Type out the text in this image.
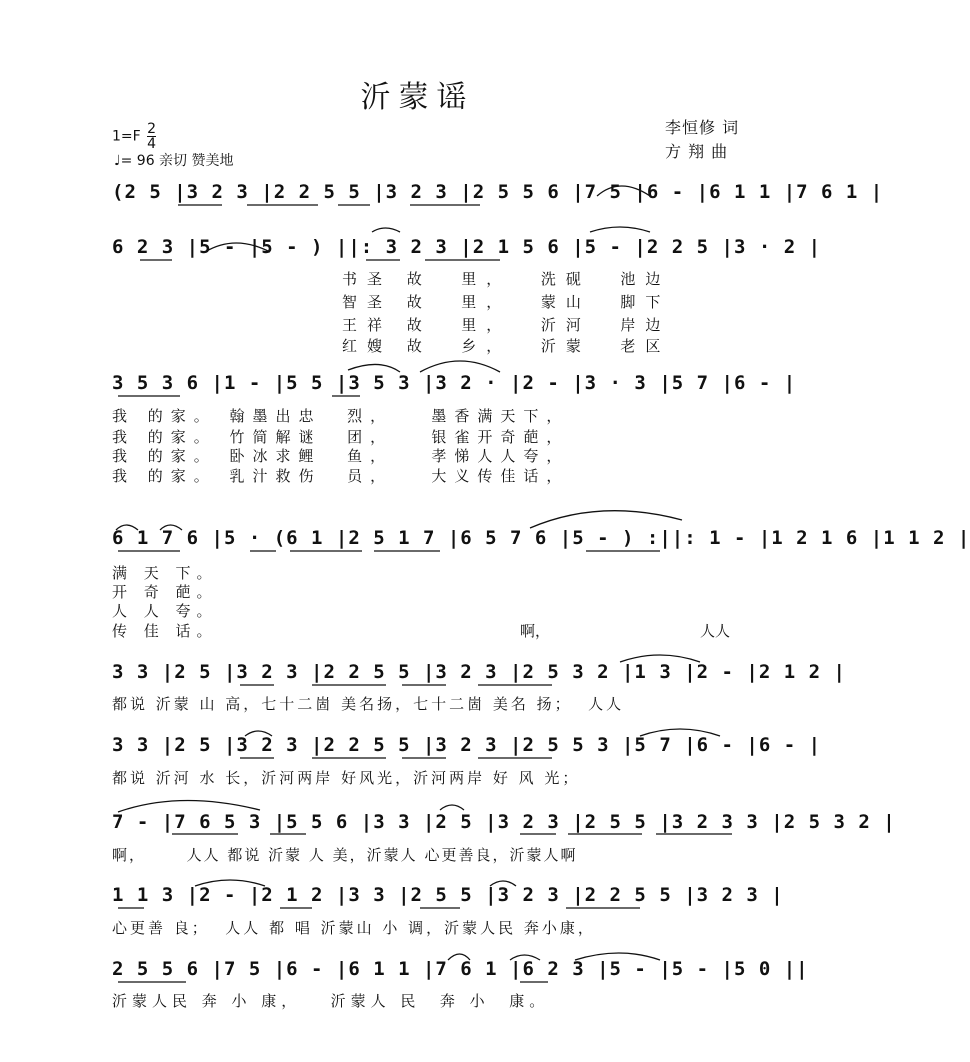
沂蒙谣
$1=F \frac{2}{4}$
♩= 96 亲切 赞美地
李恒修 词
方 翔 曲
(2 5 |3 2 3 |2 2 5 5 |3 2 3 |2 5 5 6 |7 5 |6 - |6 1 1 |7 6 1 |
6 2 3 |5 - |5 - ) ||: 3 2 3 |2 1 5 6 |5 - |2 2 5 |3 · 2 |
3 5 3 6 |1 - |5 5 |3 5 3 |3 2 · |2 - |3 · 3 |5 7 |6 - |
6 1 7 6 |5 · (6 1 |2 5 1 7 |6 5 7 6 |5 - ) :||: 1 - |1 2 1 6 |1 1 2 |
3 3 |2 5 |3 2 3 |2 2 5 5 |3 2 3 |2 5 3 2 |1 3 |2 - |2 1 2 |
3 3 |2 5 |3 2 3 |2 2 5 5 |3 2 3 |2 5 5 3 |5 7 |6 - |6 - |
7 - |7 6 5 3 |5 5 6 |3 3 |2 5 |3 2 3 |2 5 5 |3 2 3 3 |2 5 3 2 |
1 1 3 |2 - |2 1 2 |3 3 |2 5 5 |3 2 3 |2 2 5 5 |3 2 3 |
2 5 5 6 |7 5 |6 - |6 1 1 |7 6 1 |6 2 3 |5 - |5 - |5 0 ||
书圣 故  里，  洗砚  池边
智圣 故  里，  蒙山  脚下
王祥 故  里，  沂河  岸边
红嫂 故  乡，  沂蒙  老区
我 的家。 翰墨出忠  烈，   墨香满天下，
我 的家。 竹简解谜  团，   银雀开奇葩，
我 的家。 卧冰求鲤  鱼，   孝悌人人夸，
我 的家。 乳汁救伤  员，   大义传佳话，
满 天 下。
开 奇 葩。
人 人 夸。
传 佳 话。	啊，	人人
都说 沂蒙 山 高，七十二崮 美名扬，七十二崮 美名 扬；  人人
都说 沂河 水 长，沂河两岸 好风光，沂河两岸 好 风 光；
啊，      人人 都说 沂蒙 人 美，沂蒙人 心更善良，沂蒙人啊
心更善 良；  人人 都 唱 沂蒙山 小 调，沂蒙人民 奔小康，
沂蒙人民 奔 小 康，   沂蒙人 民  奔 小  康。
